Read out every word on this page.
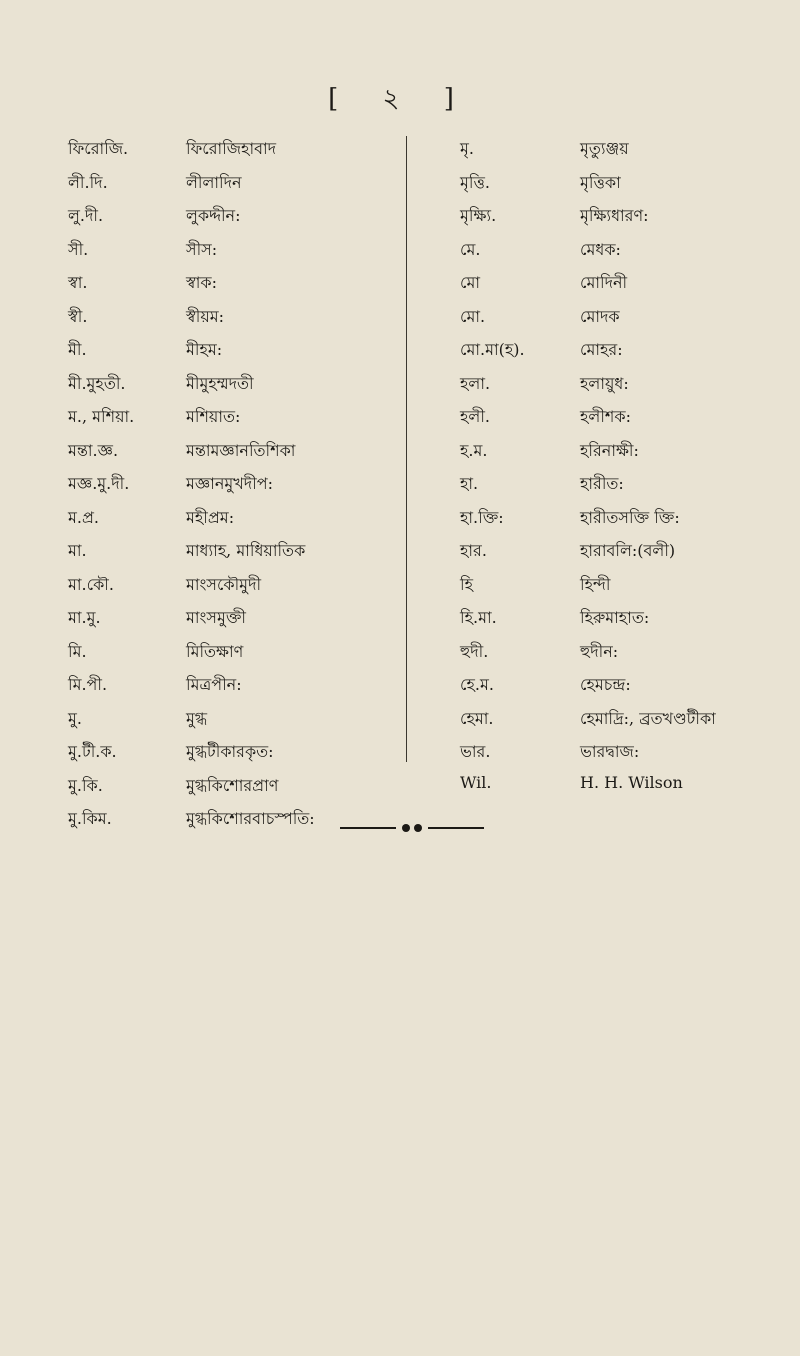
[ ২ ]
ফিরোজি.	ফিরোজিহাবাদ
লী.দি.	লীলাদিন
লু.দী.	লুকদ্দীন:
সী.	সীস:
স্বা.	স্বাক:
স্বী.	স্বীয়ম:
মী.	মীহম:
মী.মুহতী.	মীমুহম্মদতী
ম., মশিয়া.	মশিয়াত:
মন্তা.জ্ঞ.	মন্তামজ্ঞানতিশিকা
মজ্ঞ.মু.দী.	মজ্ঞানমুখদীপ:
ম.প্ৰ.	মহীপ্ৰম:
মা.	মাধ্যাহ, মাধিয়াতিক
মা.কৌ.	মাংসকৌমুদী
মা.মু.	মাংসমুক্তী
মি.	মিতিক্ষাণ
মি.পী.	মিত্ৰপীন:
মু.	মুগ্ধ
মু.টী.ক.	মুগ্ধটীকারকৃত:
মু.কি.	মুগ্ধকিশোরপ্ৰাণ
মু.কিম.	মুগ্ধকিশোরবাচস্পতি:
মৃ.	মৃত্যুঞ্জয়
মৃত্তি.	মৃত্তিকা
মৃক্ষ্যি.	মৃক্ষ্যিধারণ:
মে.	মেধক:
মো	মোদিনী
মো.	মোদক
মো.মা(হ).	মোহর:
হলা.	হলায়ুধ:
হলী.	হলীশক:
হ.ম.	হরিনাক্ষী:
হা.	হারীত:
হা.ক্তি:	হারীতসক্তি ক্তি:
হার.	হারাবলি:(বলী)
হি	হিন্দী
হি.মা.	হিরুমাহাত:
হুদী.	হুদীন:
হে.ম.	হেমচন্দ্র:
হেমা.	হেমাদ্রি:, ব্রতখণ্ডটীকা
ভার.	ভারদ্বাজ:
Wil.	H. H. Wilson
